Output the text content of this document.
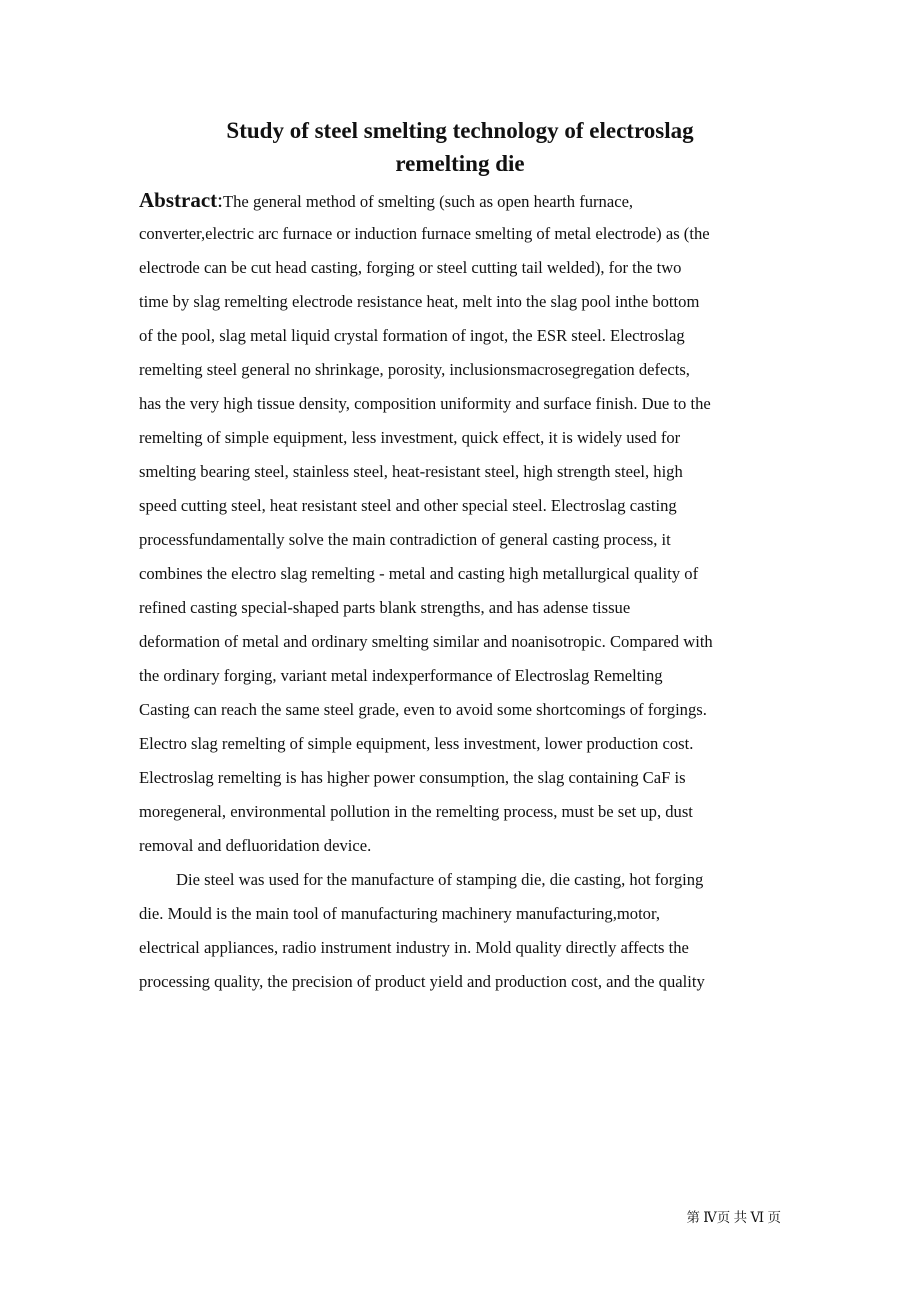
Study of steel smelting technology of electroslag
remelting die
Abstract:The general method of smelting (such as open hearth furnace,
converter,electric arc furnace or induction furnace smelting of metal electrode) as (the
electrode can be cut head casting, forging or steel cutting tail welded), for the two
time by slag remelting electrode resistance heat, melt into the slag pool inthe bottom
of the pool, slag metal liquid crystal formation of ingot, the ESR steel. Electroslag
remelting steel general no shrinkage, porosity, inclusionsmacrosegregation defects,
has the very high tissue density, composition uniformity and surface finish. Due to the
remelting of simple equipment, less investment, quick effect, it is widely used for
smelting bearing steel, stainless steel, heat-resistant steel, high strength steel, high
speed cutting steel, heat resistant steel and other special steel. Electroslag casting
processfundamentally solve the main contradiction of general casting process, it
combines the electro slag remelting - metal and casting high metallurgical quality of
refined casting special-shaped parts blank strengths, and has adense tissue
deformation of metal and ordinary smelting similar and noanisotropic. Compared with
the ordinary forging, variant metal indexperformance of Electroslag Remelting
Casting can reach the same steel grade, even to avoid some shortcomings of forgings.
Electro slag remelting of simple equipment, less investment, lower production cost.
Electroslag remelting is has higher power consumption, the slag containing CaF is
moregeneral, environmental pollution in the remelting process, must be set up, dust
removal and defluoridation device.
Die steel was used for the manufacture of stamping die, die casting, hot forging
die. Mould is the main tool of manufacturing machinery manufacturing,motor,
electrical appliances, radio instrument industry in. Mold quality directly affects the
processing quality, the precision of product yield and production cost, and the quality
第 Ⅳ页 共 Ⅵ 页
